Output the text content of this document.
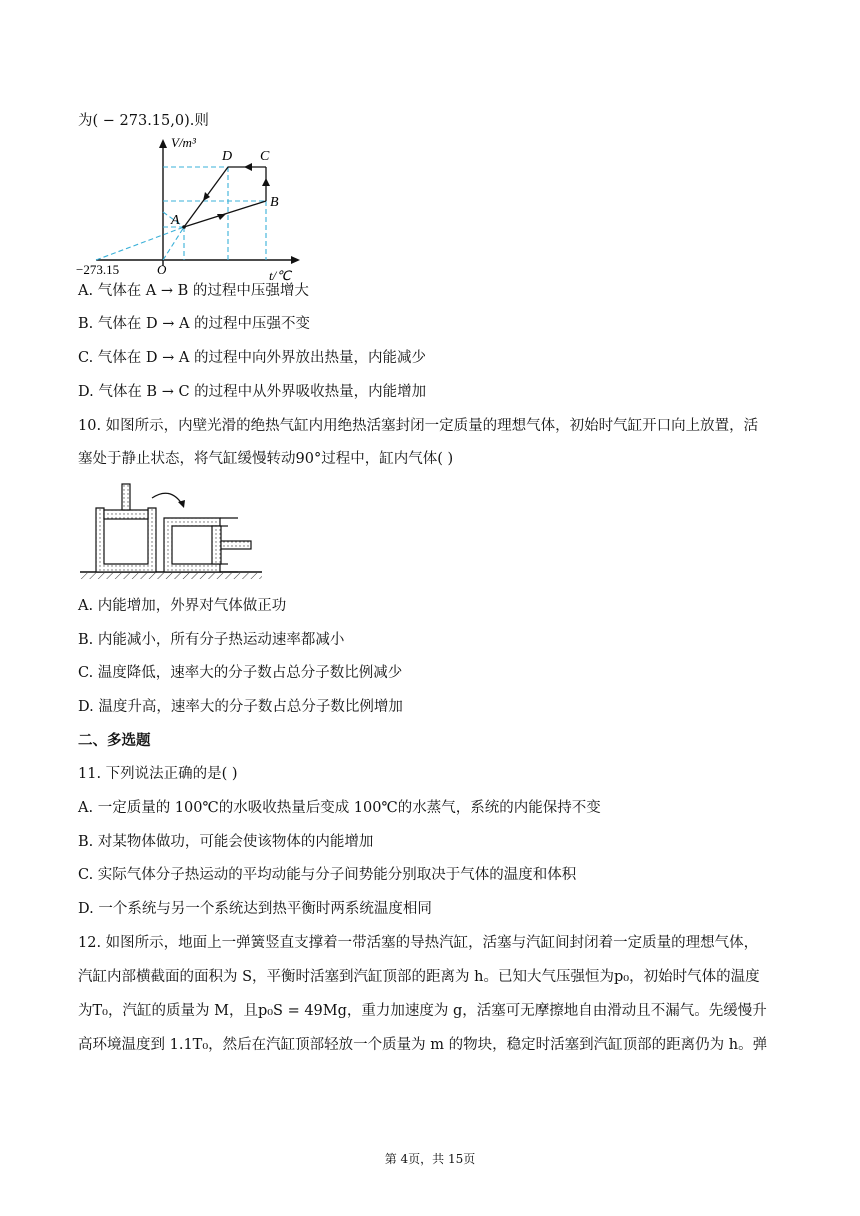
为( − 273.15,0).则
V/m³
t/℃
O
−273.15
A
B
C
D
A. 气体在 A → B 的过程中压强增大
B. 气体在 D → A 的过程中压强不变
C. 气体在 D → A 的过程中向外界放出热量，内能减少
D. 气体在 B → C 的过程中从外界吸收热量，内能增加
10. 如图所示，内壁光滑的绝热气缸内用绝热活塞封闭一定质量的理想气体，初始时气缸开口向上放置，活
塞处于静止状态，将气缸缓慢转动90°过程中，缸内气体( )
A. 内能增加，外界对气体做正功
B. 内能减小，所有分子热运动速率都减小
C. 温度降低，速率大的分子数占总分子数比例减少
D. 温度升高，速率大的分子数占总分子数比例增加
二、多选题
11. 下列说法正确的是( )
A. 一定质量的 100℃的水吸收热量后变成 100℃的水蒸气，系统的内能保持不变
B. 对某物体做功，可能会使该物体的内能增加
C. 实际气体分子热运动的平均动能与分子间势能分别取决于气体的温度和体积
D. 一个系统与另一个系统达到热平衡时两系统温度相同
12. 如图所示，地面上一弹簧竖直支撑着一带活塞的导热汽缸，活塞与汽缸间封闭着一定质量的理想气体，
汽缸内部横截面的面积为 S，平衡时活塞到汽缸顶部的距离为 h。已知大气压强恒为p₀，初始时气体的温度
为T₀，汽缸的质量为 M，且p₀S = 49Mg，重力加速度为 g，活塞可无摩擦地自由滑动且不漏气。先缓慢升
高环境温度到 1.1T₀，然后在汽缸顶部轻放一个质量为 m 的物块，稳定时活塞到汽缸顶部的距离仍为 h。弹
第 4页，共 15页
